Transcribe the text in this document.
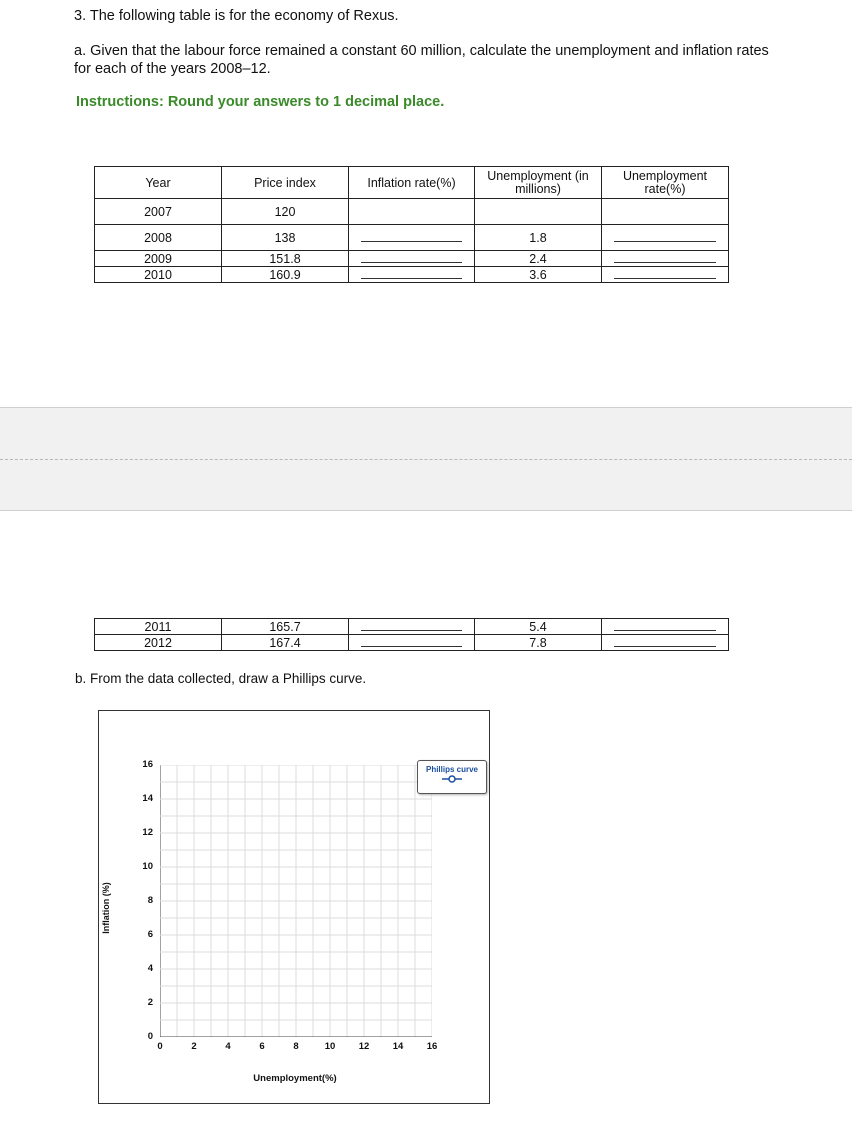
3. The following table is for the economy of Rexus.
a. Given that the labour force remained a constant 60 million, calculate the unemployment and inflation rates for each of the years 2008–12.
Instructions: Round your answers to 1 decimal place.
Year	Price index	Inflation rate(%)	Unemployment (in millions)	Unemployment rate(%)
2007	120			
2008	138		1.8	

2009	151.8		2.4	

2010	160.9		3.6	
2011	165.7		5.4	

2012	167.4		7.8	
b. From the data collected, draw a Phillips curve.
0
2
4
6
8
10
12
14
16
0	2	4	6	8	10	12	14	16
Inflation (%)
Unemployment(%)
Phillips curve
